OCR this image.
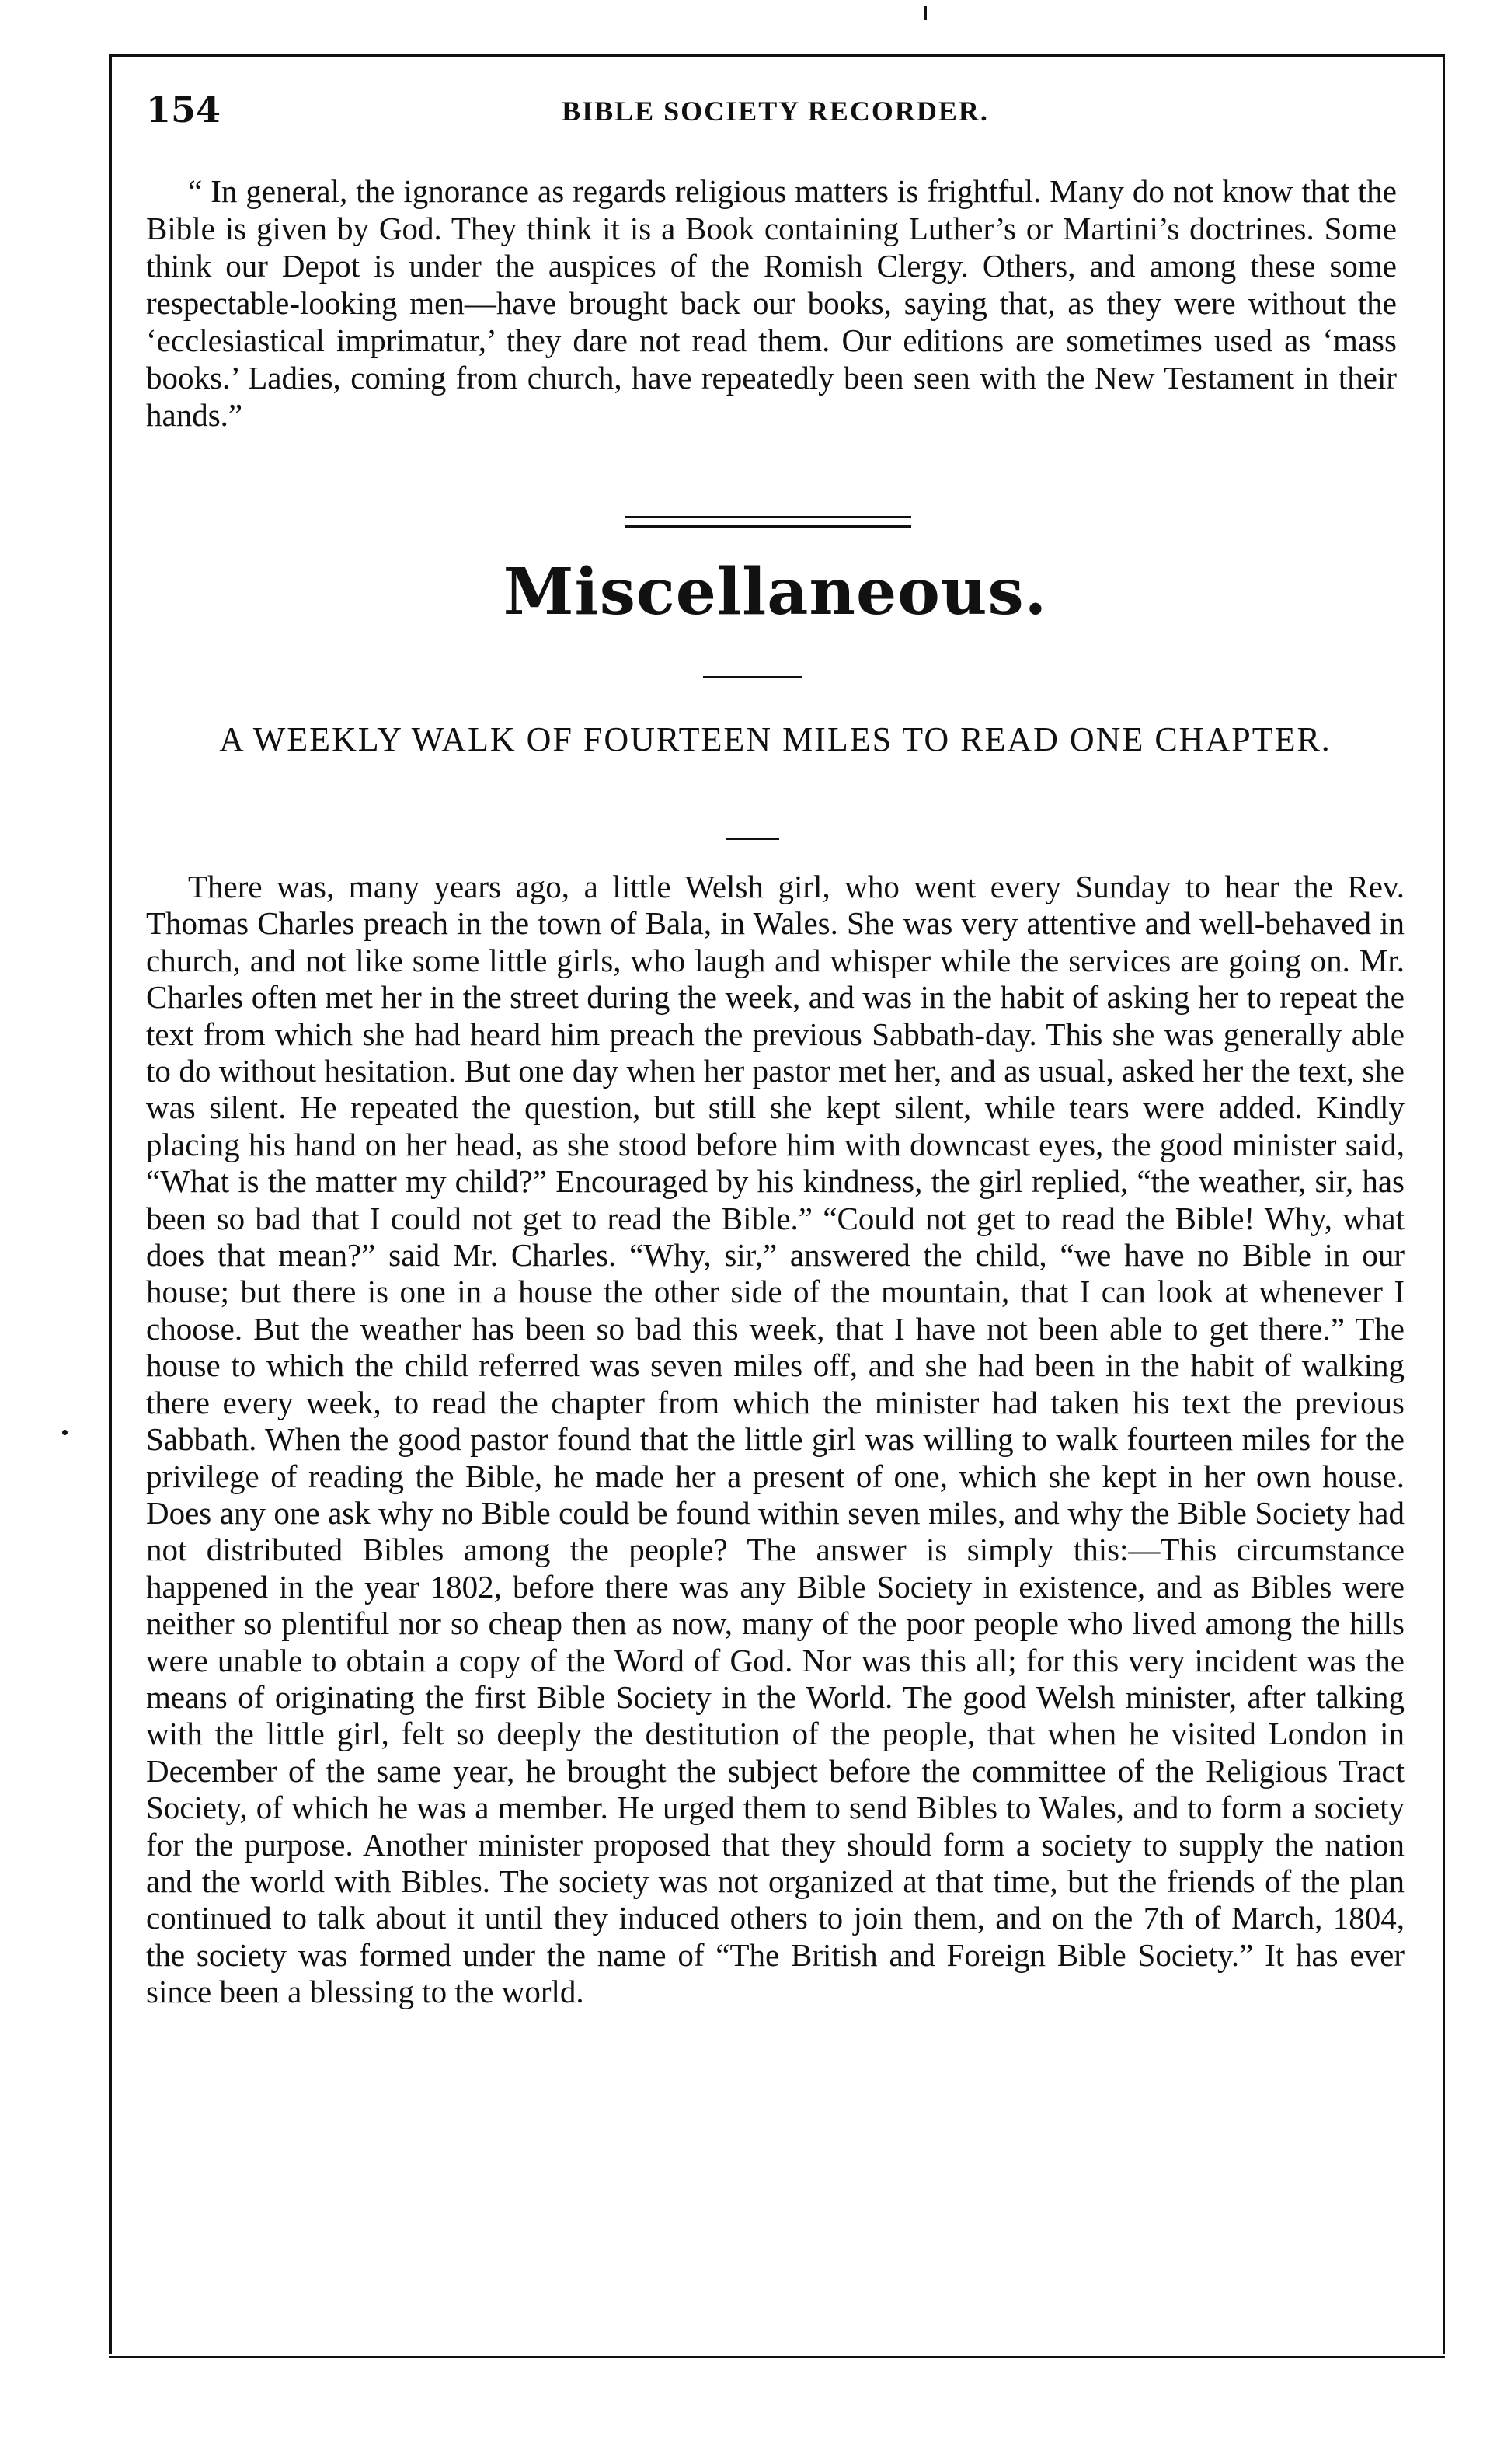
154	BIBLE SOCIETY RECORDER.

“ In general, the ignorance as regards religious matters is frightful. Many do not know that the Bible is given by God. They think it is a Book containing Luther’s or Martini’s doctrines. Some think our Depot is under the auspices of the Romish Clergy. Others, and among these some respectable-looking men—have brought back our books, saying that, as they were without the ‘ecclesiastical imprimatur,’ they dare not read them. Our editions are sometimes used as ‘mass books.’ Ladies, coming from church, have repeatedly been seen with the New Testament in their hands.”

Miscellaneous.
A WEEKLY WALK OF FOURTEEN MILES TO READ ONE CHAPTER.

There was, many years ago, a little Welsh girl, who went every Sunday to hear the Rev. Thomas Charles preach in the town of Bala, in Wales. She was very attentive and well-behaved in church, and not like some little girls, who laugh and whisper while the services are going on. Mr. Charles often met her in the street during the week, and was in the habit of asking her to repeat the text from which she had heard him preach the previous Sabbath-day. This she was generally able to do without hesitation. But one day when her pastor met her, and as usual, asked her the text, she was silent. He repeated the question, but still she kept silent, while tears were added. Kindly placing his hand on her head, as she stood before him with downcast eyes, the good minister said, “What is the matter my child?” Encouraged by his kindness, the girl replied, “the weather, sir, has been so bad that I could not get to read the Bible.” “Could not get to read the Bible! Why, what does that mean?” said Mr. Charles. “Why, sir,” answered the child, “we have no Bible in our house; but there is one in a house the other side of the mountain, that I can look at whenever I choose. But the weather has been so bad this week, that I have not been able to get there.” The house to which the child referred was seven miles off, and she had been in the habit of walking there every week, to read the chapter from which the minister had taken his text the previous Sabbath. When the good pastor found that the little girl was willing to walk fourteen miles for the privilege of reading the Bible, he made her a present of one, which she kept in her own house. Does any one ask why no Bible could be found within seven miles, and why the Bible Society had not distributed Bibles among the people? The answer is simply this:—This circumstance happened in the year 1802, before there was any Bible Society in existence, and as Bibles were neither so plentiful nor so cheap then as now, many of the poor people who lived among the hills were unable to obtain a copy of the Word of God. Nor was this all; for this very incident was the means of originating the first Bible Society in the World. The good Welsh minister, after talking with the little girl, felt so deeply the destitution of the people, that when he visited London in December of the same year, he brought the subject before the committee of the Religious Tract Society, of which he was a member. He urged them to send Bibles to Wales, and to form a society for the purpose. Another minister proposed that they should form a society to supply the nation and the world with Bibles. The society was not organized at that time, but the friends of the plan continued to talk about it until they induced others to join them, and on the 7th of March, 1804, the society was formed under the name of “The British and Foreign Bible Society.” It has ever since been a blessing to the world.
